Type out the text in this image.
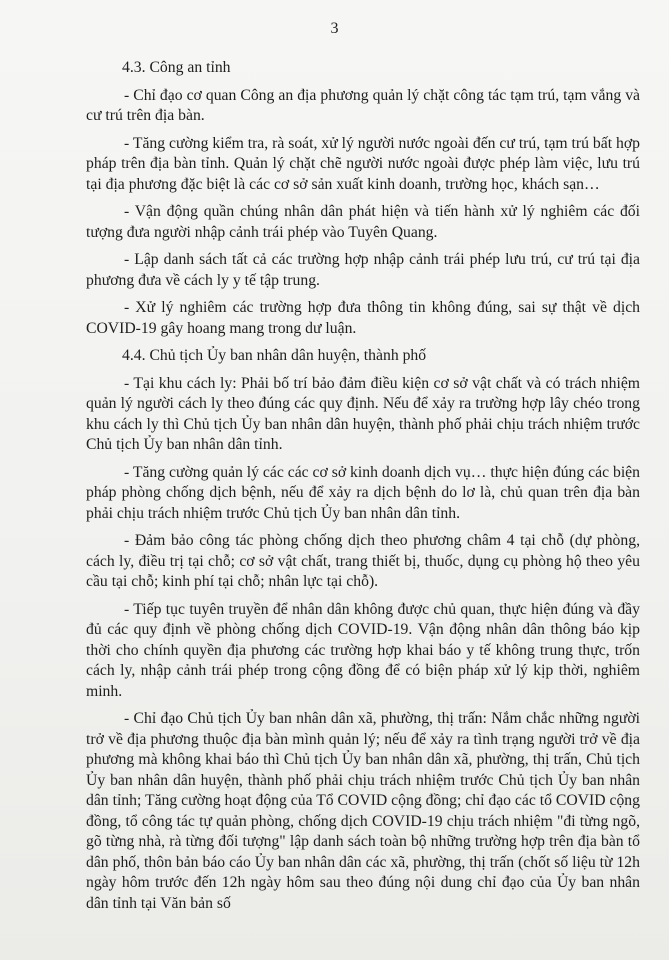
3

4.3. Công an tỉnh

- Chỉ đạo cơ quan Công an địa phương quản lý chặt công tác tạm trú, tạm vắng và cư trú trên địa bàn.

- Tăng cường kiểm tra, rà soát, xử lý người nước ngoài đến cư trú, tạm trú bất hợp pháp trên địa bàn tỉnh. Quản lý chặt chẽ người nước ngoài được phép làm việc, lưu trú tại địa phương đặc biệt là các cơ sở sản xuất kinh doanh, trường học, khách sạn…

- Vận động quần chúng nhân dân phát hiện và tiến hành xử lý nghiêm các đối tượng đưa người nhập cảnh trái phép vào Tuyên Quang.

- Lập danh sách tất cả các trường hợp nhập cảnh trái phép lưu trú, cư trú tại địa phương đưa về cách ly y tế tập trung.

- Xử lý nghiêm các trường hợp đưa thông tin không đúng, sai sự thật về dịch COVID-19 gây hoang mang trong dư luận.

4.4. Chủ tịch Ủy ban nhân dân huyện, thành phố

- Tại khu cách ly: Phải bố trí bảo đảm điều kiện cơ sở vật chất và có trách nhiệm quản lý người cách ly theo đúng các quy định. Nếu để xảy ra trường hợp lây chéo trong khu cách ly thì Chủ tịch Ủy ban nhân dân huyện, thành phố phải chịu trách nhiệm trước Chủ tịch Ủy ban nhân dân tỉnh.

- Tăng cường quản lý các các cơ sở kinh doanh dịch vụ… thực hiện đúng các biện pháp phòng chống dịch bệnh, nếu để xảy ra dịch bệnh do lơ là, chủ quan trên địa bàn phải chịu trách nhiệm trước Chủ tịch Ủy ban nhân dân tỉnh.

- Đảm bảo công tác phòng chống dịch theo phương châm 4 tại chỗ (dự phòng, cách ly, điều trị tại chỗ; cơ sở vật chất, trang thiết bị, thuốc, dụng cụ phòng hộ theo yêu cầu tại chỗ; kinh phí tại chỗ; nhân lực tại chỗ).

- Tiếp tục tuyên truyền để nhân dân không được chủ quan, thực hiện đúng và đầy đủ các quy định về phòng chống dịch COVID-19. Vận động nhân dân thông báo kịp thời cho chính quyền địa phương các trường hợp khai báo y tế không trung thực, trốn cách ly, nhập cảnh trái phép trong cộng đồng để có biện pháp xử lý kịp thời, nghiêm minh.

- Chỉ đạo Chủ tịch Ủy ban nhân dân xã, phường, thị trấn: Nắm chắc những người trở về địa phương thuộc địa bàn mình quản lý; nếu để xảy ra tình trạng người trở về địa phương mà không khai báo thì Chủ tịch Ủy ban nhân dân xã, phường, thị trấn, Chủ tịch Ủy ban nhân dân huyện, thành phố phải chịu trách nhiệm trước Chủ tịch Ủy ban nhân dân tỉnh; Tăng cường hoạt động của Tổ COVID cộng đồng; chỉ đạo các tổ COVID cộng đồng, tổ công tác tự quản phòng, chống dịch COVID-19 chịu trách nhiệm "đi từng ngõ, gõ từng nhà, rà từng đối tượng" lập danh sách toàn bộ những trường hợp trên địa bàn tổ dân phố, thôn bản báo cáo Ủy ban nhân dân các xã, phường, thị trấn (chốt số liệu từ 12h ngày hôm trước đến 12h ngày hôm sau theo đúng nội dung chỉ đạo của Ủy ban nhân dân tỉnh tại Văn bản số
